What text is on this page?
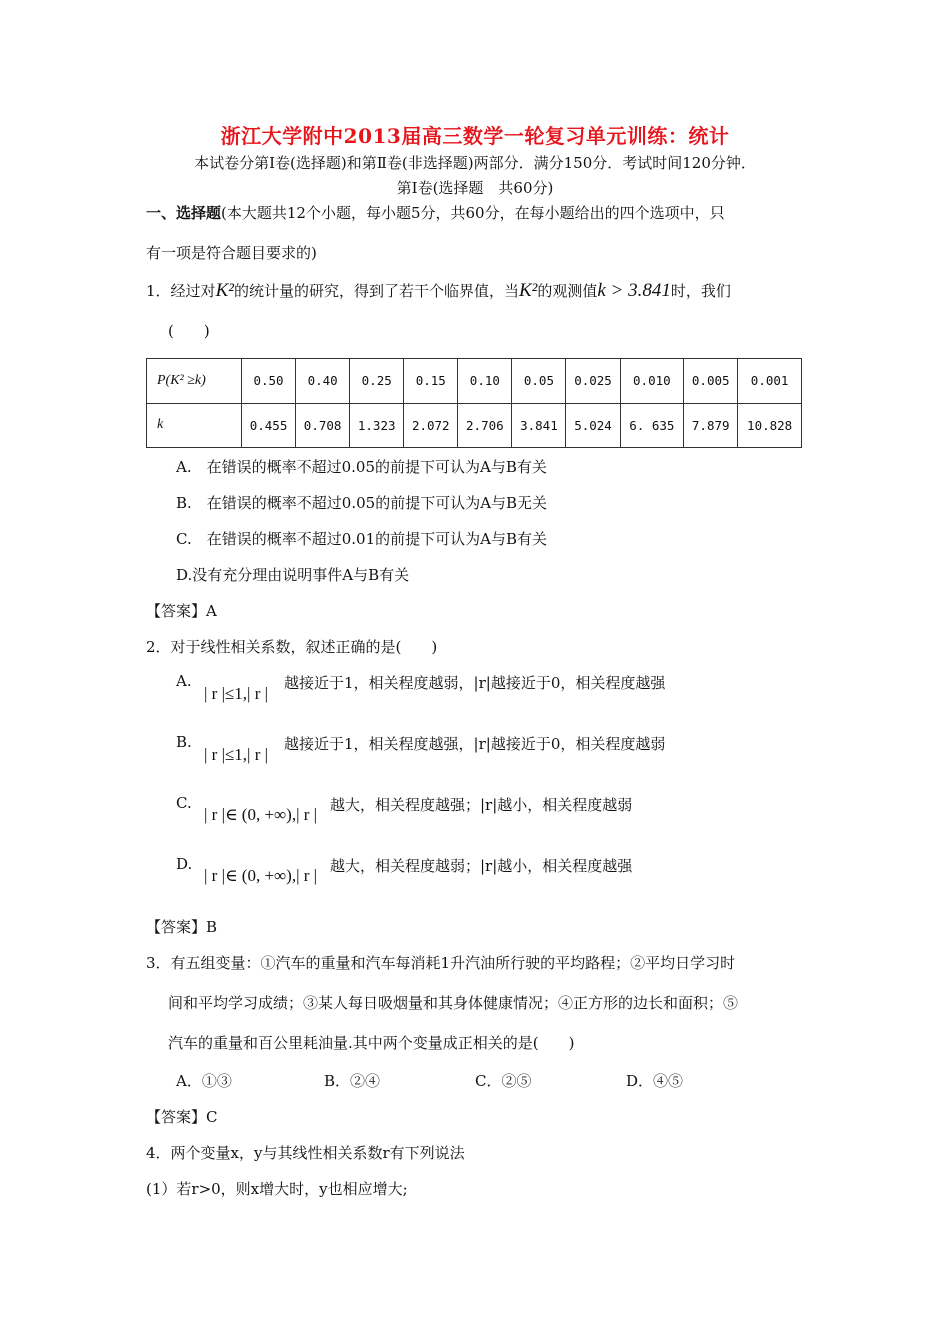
浙江大学附中2013届高三数学一轮复习单元训练：统计
本试卷分第Ⅰ卷(选择题)和第Ⅱ卷(非选择题)两部分．满分150分．考试时间120分钟．
第Ⅰ卷(选择题　共60分)
一、选择题(本大题共12个小题，每小题5分，共60分，在每小题给出的四个选项中，只
有一项是符合题目要求的)
1．经过对K²的统计量的研究，得到了若干个临界值，当K²的观测值k > 3.841时，我们
(　　)
P(K² ≥k)	0.50	0.40	0.25	0.15	0.10	0.05	0.025	0.010	0.005	0.001
k	0.455	0.708	1.323	2.072	2.706	3.841	5.024	6. 635	7.879	10.828
A.　在错误的概率不超过0.05的前提下可认为A与B有关
B.　在错误的概率不超过0.05的前提下可认为A与B无关
C.　在错误的概率不超过0.01的前提下可认为A与B有关
D.没有充分理由说明事件A与B有关
【答案】A
2．对于线性相关系数，叙述正确的是(　　)
A.
| r |≤1,| r |
越接近于1，相关程度越弱，|r|越接近于0，相关程度越强
B.
| r |≤1,| r |
越接近于1，相关程度越强，|r|越接近于0，相关程度越弱
C.
| r |∈ (0, +∞),| r | 越大，相关程度越强；|r|越小，相关程度越弱
D.
| r |∈ (0, +∞),| r | 越大，相关程度越弱；|r|越小，相关程度越强
【答案】B
3．有五组变量：①汽车的重量和汽车每消耗1升汽油所行驶的平均路程；②平均日学习时
间和平均学习成绩；③某人每日吸烟量和其身体健康情况；④正方形的边长和面积；⑤
汽车的重量和百公里耗油量.其中两个变量成正相关的是(　　)
A．①③	B．②④	C．②⑤	D．④⑤
【答案】C
4．两个变量x，y与其线性相关系数r有下列说法
(1）若r>0，则x增大时，y也相应增大;
